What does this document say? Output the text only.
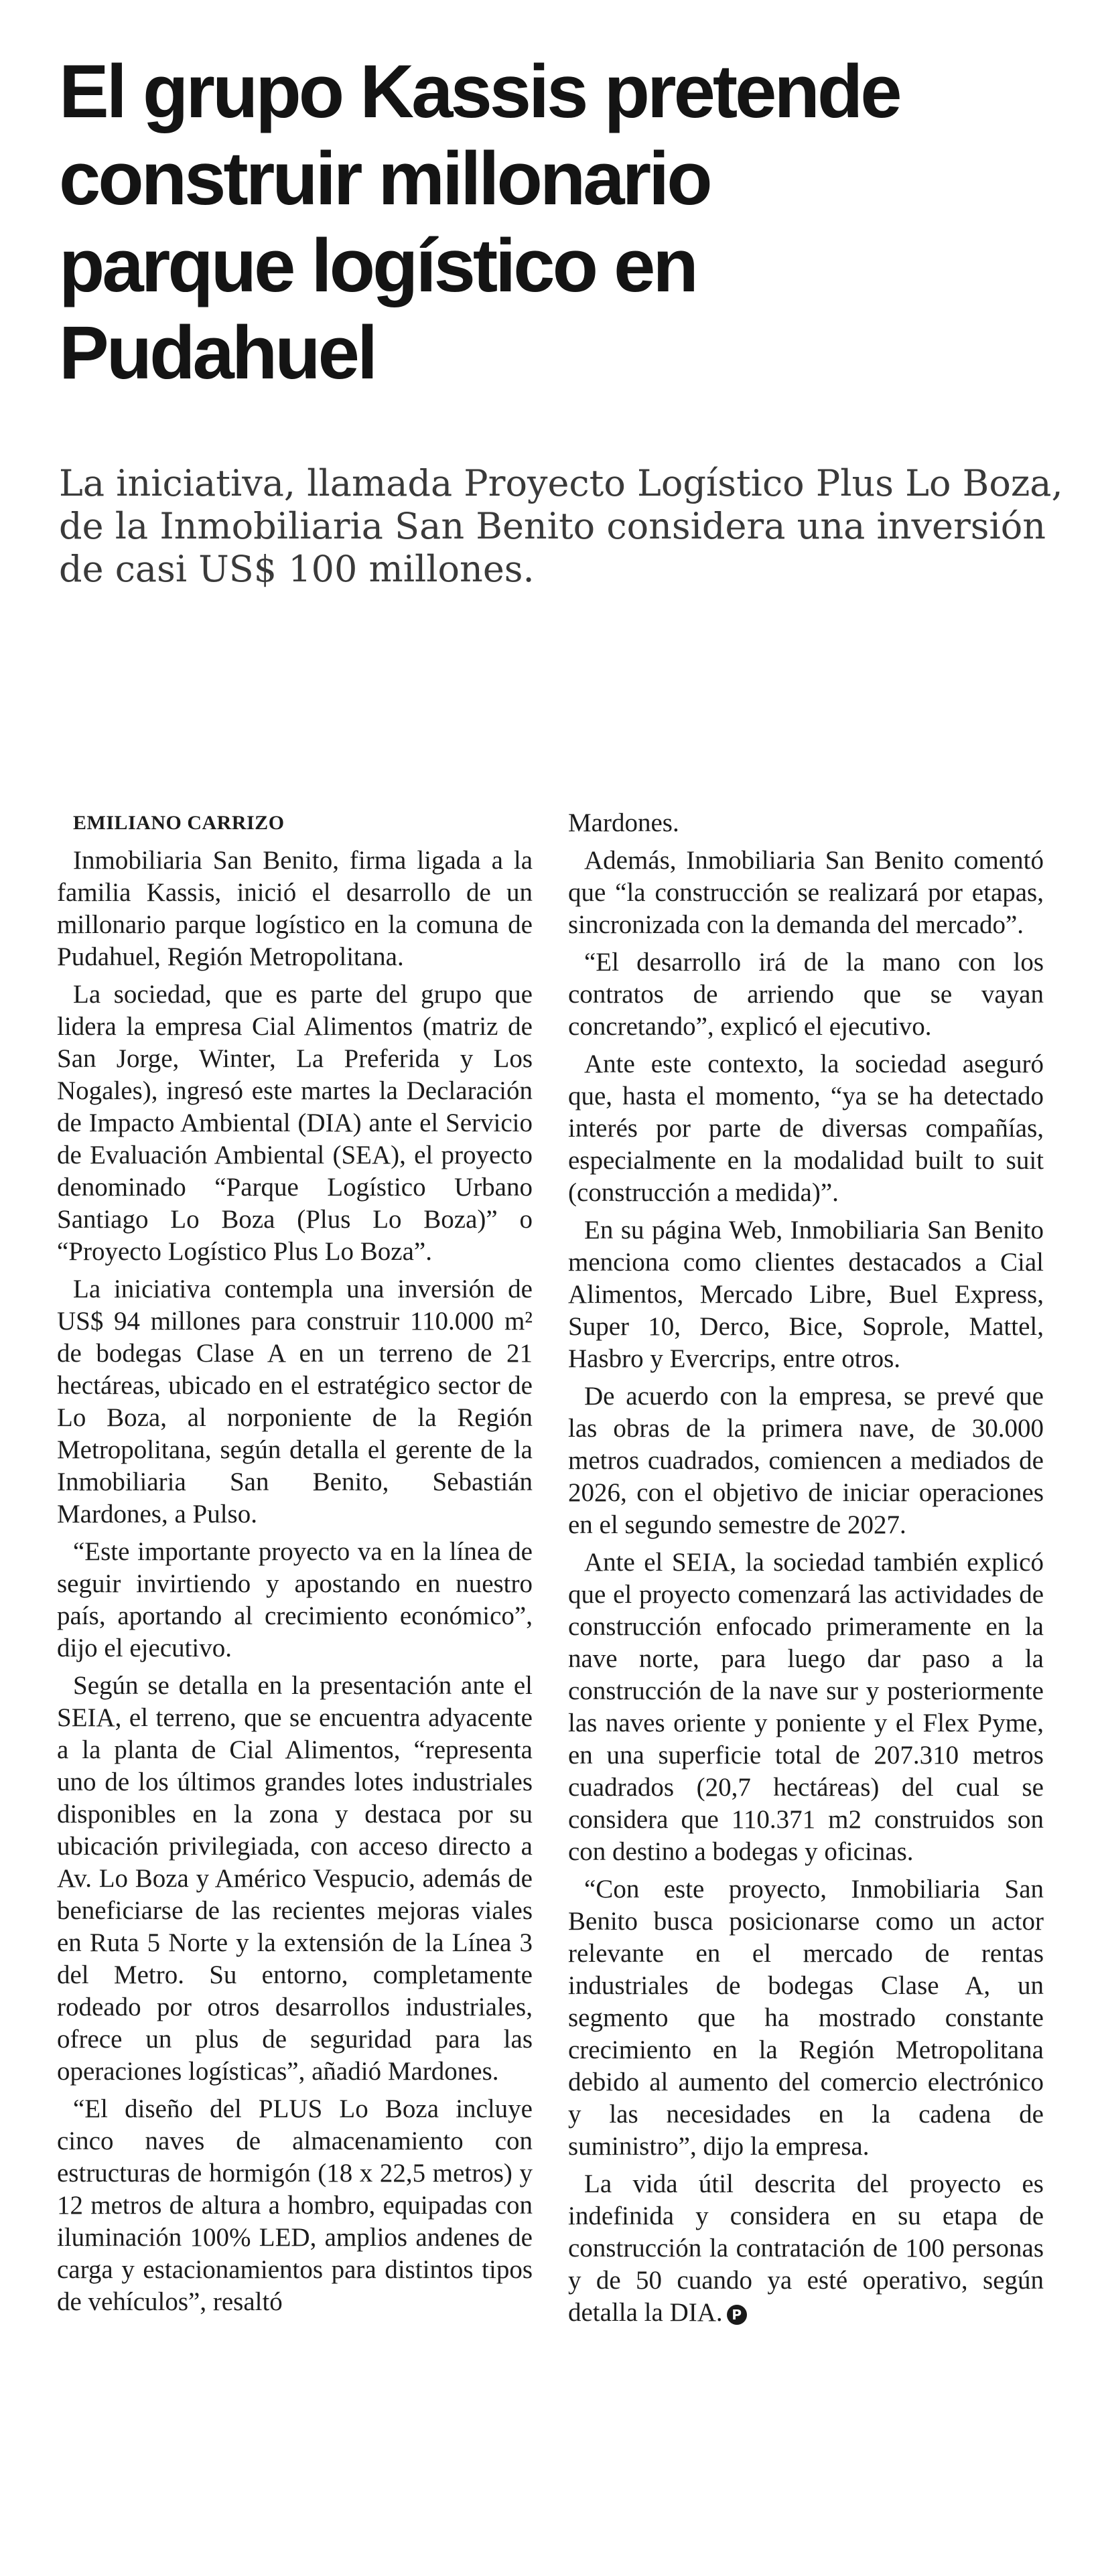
El grupo Kassis pretende
construir millonario
parque logístico en
Pudahuel

La iniciativa, llamada Proyecto Logístico Plus Lo Boza,
de la Inmobiliaria San Benito considera una inversión
de casi US$ 100 millones.

EMILIANO CARRIZO

Inmobiliaria San Benito, firma ligada a la familia Kassis, inició el desarrollo de un millonario parque logístico en la comuna de Pudahuel, Región Metropolitana.

La sociedad, que es parte del grupo que lidera la empresa Cial Alimentos (matriz de San Jorge, Winter, La Preferida y Los Nogales), ingresó este martes la Declaración de Impacto Ambiental (DIA) ante el Servicio de Evaluación Ambiental (SEA), el proyecto denominado “Parque Logístico Urbano Santiago Lo Boza (Plus Lo Boza)” o “Proyecto Logístico Plus Lo Boza”.

La iniciativa contempla una inversión de US$ 94 millones para construir 110.000 m² de bodegas Clase A en un terreno de 21 hectáreas, ubicado en el estratégico sector de Lo Boza, al norponiente de la Región Metropolitana, según detalla el gerente de la Inmobiliaria San Benito, Sebastián Mardones, a Pulso.

“Este importante proyecto va en la línea de seguir invirtiendo y apostando en nuestro país, aportando al crecimiento económico”, dijo el ejecutivo.

Según se detalla en la presentación ante el SEIA, el terreno, que se encuentra adyacente a la planta de Cial Alimentos, “representa uno de los últimos grandes lotes industriales disponibles en la zona y destaca por su ubicación privilegiada, con acceso directo a Av. Lo Boza y Américo Vespucio, además de beneficiarse de las recientes mejoras viales en Ruta 5 Norte y la extensión de la Línea 3 del Metro. Su entorno, completamente rodeado por otros desarrollos industriales, ofrece un plus de seguridad para las operaciones logísticas”, añadió Mardones.

“El diseño del PLUS Lo Boza incluye cinco naves de almacenamiento con estructuras de hormigón (18 x 22,5 metros) y 12 metros de altura a hombro, equipadas con iluminación 100% LED, amplios andenes de carga y estacionamientos para distintos tipos de vehículos”, resaltó

Mardones.

Además, Inmobiliaria San Benito comentó que “la construcción se realizará por etapas, sincronizada con la demanda del mercado”.

“El desarrollo irá de la mano con los contratos de arriendo que se vayan concretando”, explicó el ejecutivo.

Ante este contexto, la sociedad aseguró que, hasta el momento, “ya se ha detectado interés por parte de diversas compañías, especialmente en la modalidad built to suit (construcción a medida)”.

En su página Web, Inmobiliaria San Benito menciona como clientes destacados a Cial Alimentos, Mercado Libre, Buel Express, Super 10, Derco, Bice, Soprole, Mattel, Hasbro y Evercrips, entre otros.

De acuerdo con la empresa, se prevé que las obras de la primera nave, de 30.000 metros cuadrados, comiencen a mediados de 2026, con el objetivo de iniciar operaciones en el segundo semestre de 2027.

Ante el SEIA, la sociedad también explicó que el proyecto comenzará las actividades de construcción enfocado primeramente en la nave norte, para luego dar paso a la construcción de la nave sur y posteriormente las naves oriente y poniente y el Flex Pyme, en una superficie total de 207.310 metros cuadrados (20,7 hectáreas) del cual se considera que 110.371 m2 construidos son con destino a bodegas y oficinas.

“Con este proyecto, Inmobiliaria San Benito busca posicionarse como un actor relevante en el mercado de rentas industriales de bodegas Clase A, un segmento que ha mostrado constante crecimiento en la Región Metropolitana debido al aumento del comercio electrónico y las necesidades en la cadena de suministro”, dijo la empresa.

La vida útil descrita del proyecto es indefinida y considera en su etapa de construcción la contratación de 100 personas y de 50 cuando ya esté operativo, según detalla la DIA. P
